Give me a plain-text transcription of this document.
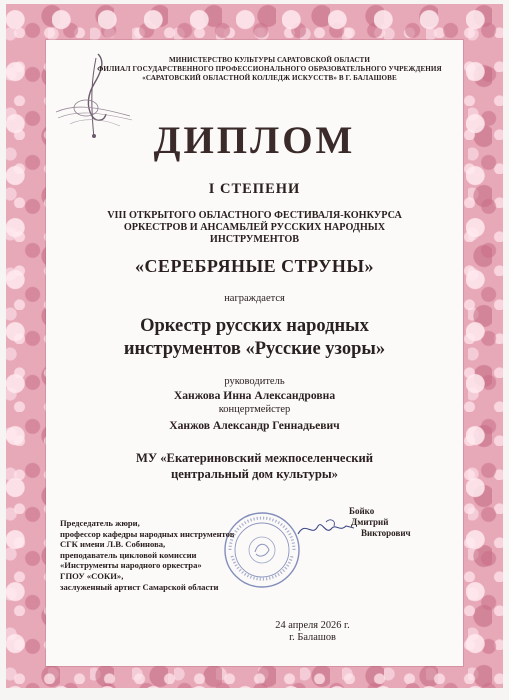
МИНИСТЕРСТВО КУЛЬТУРЫ САРАТОВСКОЙ ОБЛАСТИ
ФИЛИАЛ ГОСУДАРСТВЕННОГО ПРОФЕССИОНАЛЬНОГО ОБРАЗОВАТЕЛЬНОГО УЧРЕЖДЕНИЯ
«САРАТОВСКИЙ ОБЛАСТНОЙ КОЛЛЕДЖ ИСКУССТВ» В Г. БАЛАШОВЕ
ДИПЛОМ
I СТЕПЕНИ
VIII ОТКРЫТОГО ОБЛАСТНОГО ФЕСТИВАЛЯ-КОНКУРСА
ОРКЕСТРОВ И АНСАМБЛЕЙ РУССКИХ НАРОДНЫХ
ИНСТРУМЕНТОВ
«СЕРЕБРЯНЫЕ СТРУНЫ»
награждается
Оркестр русских народных
инструментов «Русские узоры»
руководитель
Ханжова Инна Александровна
концертмейстер
Ханжов Александр Геннадьевич
МУ «Екатериновский межпоселенческий
центральный дом культуры»
Председатель жюри,
профессор кафедры народных инструментов
СГК имени Л.В. Собинова,
преподаватель цикловой комиссии
«Инструменты народного оркестра»
ГПОУ «СОКИ»,
заслуженный артист Самарской области
Бойко
Дмитрий
Викторович
24 апреля 2026 г.
г. Балашов
